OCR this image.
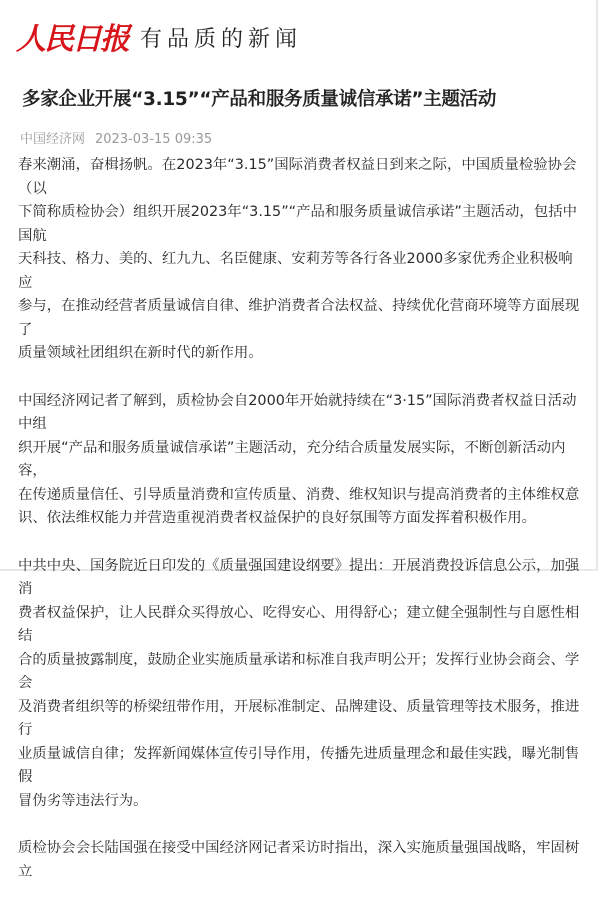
人民日报 有品质的新闻
多家企业开展“3.15”“产品和服务质量诚信承诺”主题活动
中国经济网 2023-03-15 09:35

春来潮涌，奋楫扬帆。在2023年“3.15”国际消费者权益日到来之际，中国质量检验协会（以
下简称质检协会）组织开展2023年“3.15”“产品和服务质量诚信承诺”主题活动，包括中国航
天科技、格力、美的、红九九、名臣健康、安莉芳等各行各业2000多家优秀企业积极响应
参与，在推动经营者质量诚信自律、维护消费者合法权益、持续优化营商环境等方面展现了
质量领域社团组织在新时代的新作用。

中国经济网记者了解到，质检协会自2000年开始就持续在“3·15”国际消费者权益日活动中组
织开展“产品和服务质量诚信承诺”主题活动，充分结合质量发展实际，不断创新活动内容，
在传递质量信任、引导质量消费和宣传质量、消费、维权知识与提高消费者的主体维权意
识、依法维权能力并营造重视消费者权益保护的良好氛围等方面发挥着积极作用。

中共中央、国务院近日印发的《质量强国建设纲要》提出：开展消费投诉信息公示，加强消
费者权益保护，让人民群众买得放心、吃得安心、用得舒心；建立健全强制性与自愿性相结
合的质量披露制度，鼓励企业实施质量承诺和标准自我声明公开；发挥行业协会商会、学会
及消费者组织等的桥梁纽带作用，开展标准制定、品牌建设、质量管理等技术服务，推进行
业质量诚信自律；发挥新闻媒体宣传引导作用，传播先进质量理念和最佳实践，曝光制售假
冒伪劣等违法行为。

质检协会会长陆国强在接受中国经济网记者采访时指出，深入实施质量强国战略，牢固树立
